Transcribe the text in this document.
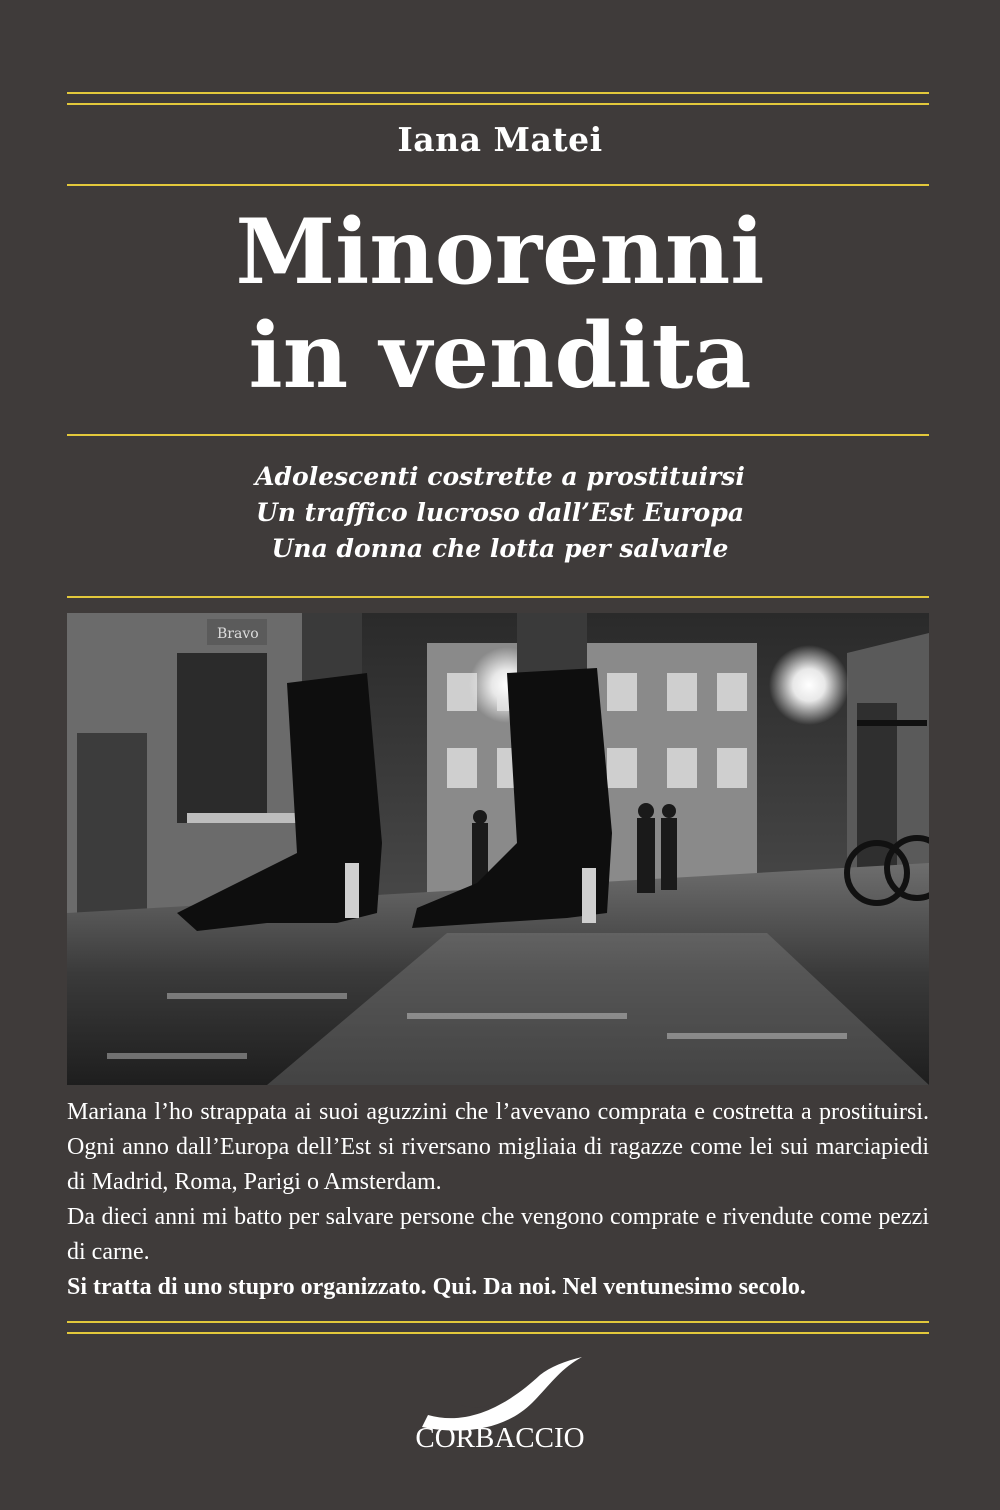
Iana Matei
Minorenni
in vendita
Adolescenti costrette a prostituirsi
Un traffico lucroso dall’Est Europa
Una donna che lotta per salvarle
Bravo

Mariana l’ho strappata ai suoi aguzzini che l’avevano comprata e costretta a prostituirsi. Ogni anno dall’Europa dell’Est si riversano migliaia di ragazze come lei sui marciapiedi di Madrid, Roma, Parigi o Amsterdam.

Da dieci anni mi batto per salvare persone che vengono comprate e rivendute come pezzi di carne.

Si tratta di uno stupro organizzato. Qui. Da noi. Nel ventunesimo secolo.

CORBACCIO
